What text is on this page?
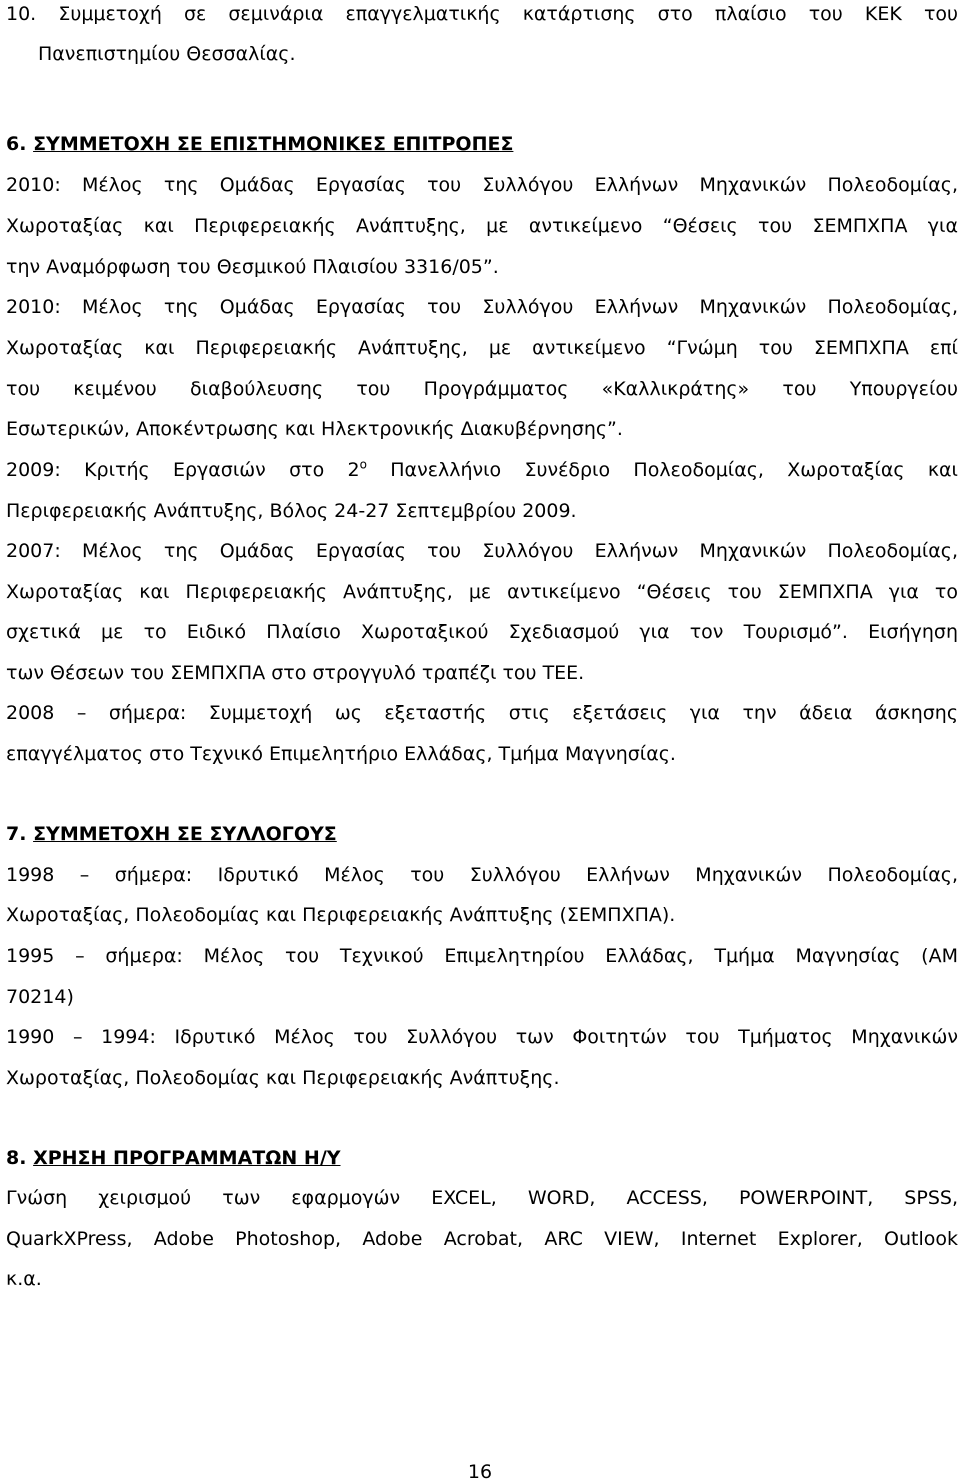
10. Συμμετοχή σε σεμινάρια επαγγελματικής κατάρτισης στο πλαίσιο του ΚΕΚ του
Πανεπιστημίου Θεσσαλίας.
6. ΣΥΜΜΕΤΟΧΗ ΣΕ ΕΠΙΣΤΗΜΟΝΙΚΕΣ ΕΠΙΤΡΟΠΕΣ
2010: Μέλος της Ομάδας Εργασίας του Συλλόγου Ελλήνων Μηχανικών Πολεοδομίας,
Χωροταξίας και Περιφερειακής Ανάπτυξης, με αντικείμενο “Θέσεις του ΣΕΜΠΧΠΑ για
την Αναμόρφωση του Θεσμικού Πλαισίου 3316/05”.
2010: Μέλος της Ομάδας Εργασίας του Συλλόγου Ελλήνων Μηχανικών Πολεοδομίας,
Χωροταξίας και Περιφερειακής Ανάπτυξης, με αντικείμενο “Γνώμη του ΣΕΜΠΧΠΑ επί
του κειμένου διαβούλευσης του Προγράμματος «Καλλικράτης» του Υπουργείου
Εσωτερικών, Αποκέντρωσης και Ηλεκτρονικής Διακυβέρνησης”.
2009: Κριτής Εργασιών στο $2^o$ Πανελλήνιο Συνέδριο Πολεοδομίας, Χωροταξίας και
Περιφερειακής Ανάπτυξης, Βόλος 24-27 Σεπτεμβρίου 2009.
2007: Μέλος της Ομάδας Εργασίας του Συλλόγου Ελλήνων Μηχανικών Πολεοδομίας,
Χωροταξίας και Περιφερειακής Ανάπτυξης, με αντικείμενο “Θέσεις του ΣΕΜΠΧΠΑ για το
σχετικά με το Ειδικό Πλαίσιο Χωροταξικού Σχεδιασμού για τον Τουρισμό”. Εισήγηση
των Θέσεων του ΣΕΜΠΧΠΑ στο στρογγυλό τραπέζι του ΤΕΕ.
2008 – σήμερα: Συμμετοχή ως εξεταστής στις εξετάσεις για την άδεια άσκησης
επαγγέλματος στο Τεχνικό Επιμελητήριο Ελλάδας, Τμήμα Μαγνησίας.
7. ΣΥΜΜΕΤΟΧΗ ΣΕ ΣΥΛΛΟΓΟΥΣ
1998 – σήμερα: Ιδρυτικό Μέλος του Συλλόγου Ελλήνων Μηχανικών Πολεοδομίας,
Χωροταξίας, Πολεοδομίας και Περιφερειακής Ανάπτυξης (ΣΕΜΠΧΠΑ).
1995 – σήμερα: Μέλος του Τεχνικού Επιμελητηρίου Ελλάδας, Τμήμα Μαγνησίας (ΑΜ
70214)
1990 – 1994: Ιδρυτικό Μέλος του Συλλόγου των Φοιτητών του Τμήματος Μηχανικών
Χωροταξίας, Πολεοδομίας και Περιφερειακής Ανάπτυξης.
8. ΧΡΗΣΗ ΠΡΟΓΡΑΜΜΑΤΩΝ Η/Υ
Γνώση χειρισμού των εφαρμογών EXCEL, WORD, ACCESS, POWERPOINT, SPSS,
QuarkXPress, Adobe Photoshop, Adobe Acrobat, ARC VIEW, Internet Explorer, Outlook
κ.α.
16
